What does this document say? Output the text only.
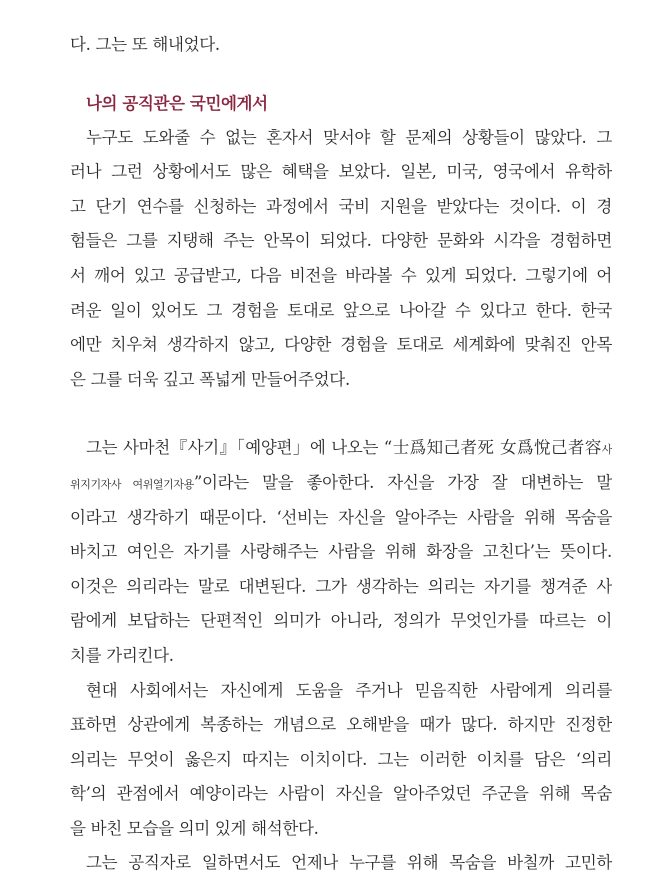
다. 그는 또 해내었다.
나의 공직관은 국민에게서
누구도 도와줄 수 없는 혼자서 맞서야 할 문제의 상황들이 많았다. 그
러나 그런 상황에서도 많은 혜택을 보았다. 일본, 미국, 영국에서 유학하
고 단기 연수를 신청하는 과정에서 국비 지원을 받았다는 것이다. 이 경
험들은 그를 지탱해 주는 안목이 되었다. 다양한 문화와 시각을 경험하면
서 깨어 있고 공급받고, 다음 비전을 바라볼 수 있게 되었다. 그렇기에 어
려운 일이 있어도 그 경험을 토대로 앞으로 나아갈 수 있다고 한다. 한국
에만 치우쳐 생각하지 않고, 다양한 경험을 토대로 세계화에 맞춰진 안목
은 그를 더욱 깊고 폭넓게 만들어주었다.
그는 사마천『사기』「예양편」에 나오는 “士爲知己者死 女爲悅己者容사
위지기자사 여위열기자용”이라는 말을 좋아한다. 자신을 가장 잘 대변하는 말
이라고 생각하기 때문이다. ‘선비는 자신을 알아주는 사람을 위해 목숨을
바치고 여인은 자기를 사랑해주는 사람을 위해 화장을 고친다’는 뜻이다.
이것은 의리라는 말로 대변된다. 그가 생각하는 의리는 자기를 챙겨준 사
람에게 보답하는 단편적인 의미가 아니라, 정의가 무엇인가를 따르는 이
치를 가리킨다.
현대 사회에서는 자신에게 도움을 주거나 믿음직한 사람에게 의리를
표하면 상관에게 복종하는 개념으로 오해받을 때가 많다. 하지만 진정한
의리는 무엇이 옳은지 따지는 이치이다. 그는 이러한 이치를 담은 ‘의리
학’의 관점에서 예양이라는 사람이 자신을 알아주었던 주군을 위해 목숨
을 바친 모습을 의미 있게 해석한다.
그는 공직자로 일하면서도 언제나 누구를 위해 목숨을 바칠까 고민하
